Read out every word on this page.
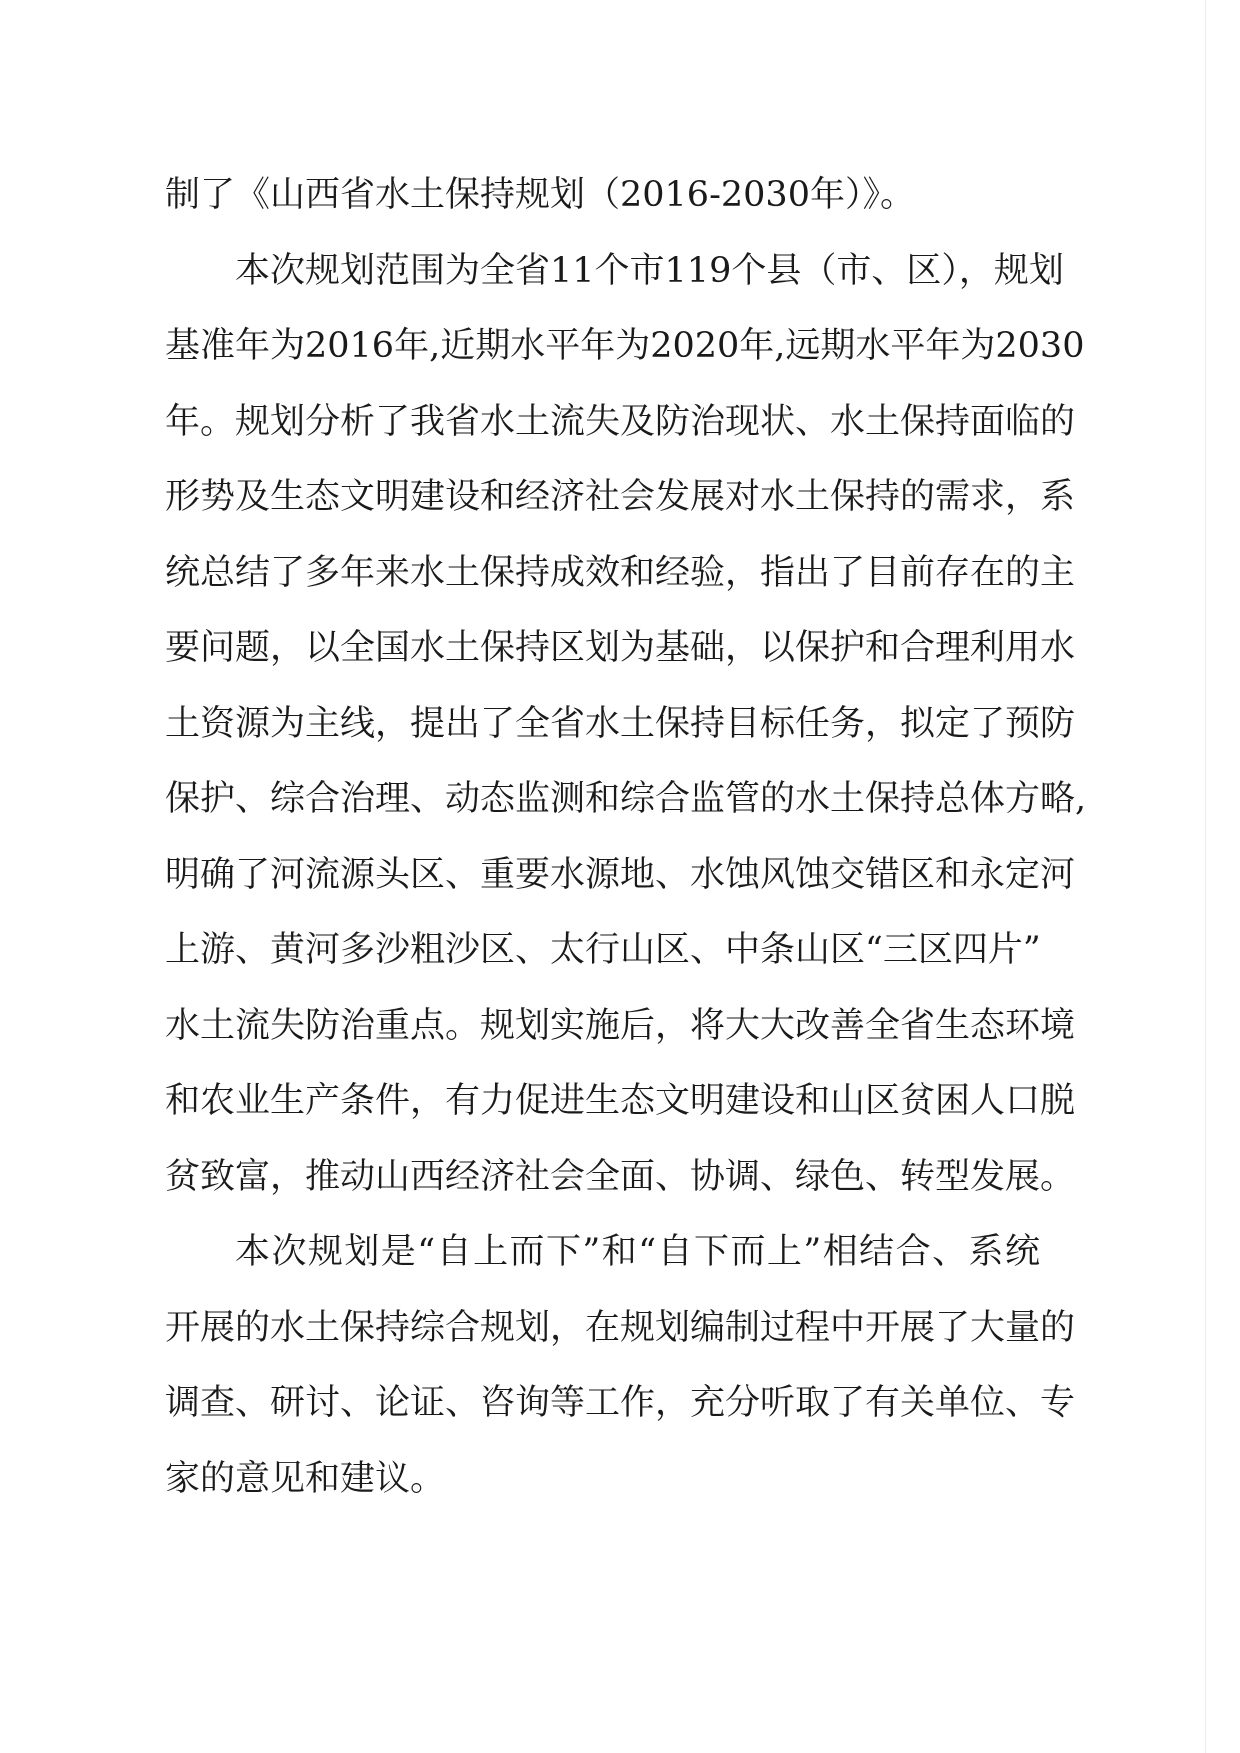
制了《山西省水土保持规划（2016-2030年）》。
本次规划范围为全省11个市119个县（市、区），规划
基准年为2016年,近期水平年为2020年,远期水平年为2030
年。规划分析了我省水土流失及防治现状、水土保持面临的
形势及生态文明建设和经济社会发展对水土保持的需求，系
统总结了多年来水土保持成效和经验，指出了目前存在的主
要问题，以全国水土保持区划为基础，以保护和合理利用水
土资源为主线，提出了全省水土保持目标任务，拟定了预防
保护、综合治理、动态监测和综合监管的水土保持总体方略,
明确了河流源头区、重要水源地、水蚀风蚀交错区和永定河
上游、黄河多沙粗沙区、太行山区、中条山区“三区四片”
水土流失防治重点。规划实施后，将大大改善全省生态环境
和农业生产条件，有力促进生态文明建设和山区贫困人口脱
贫致富，推动山西经济社会全面、协调、绿色、转型发展。
本次规划是“自上而下”和“自下而上”相结合、系统
开展的水土保持综合规划，在规划编制过程中开展了大量的
调查、研讨、论证、咨询等工作，充分听取了有关单位、专
家的意见和建议。
